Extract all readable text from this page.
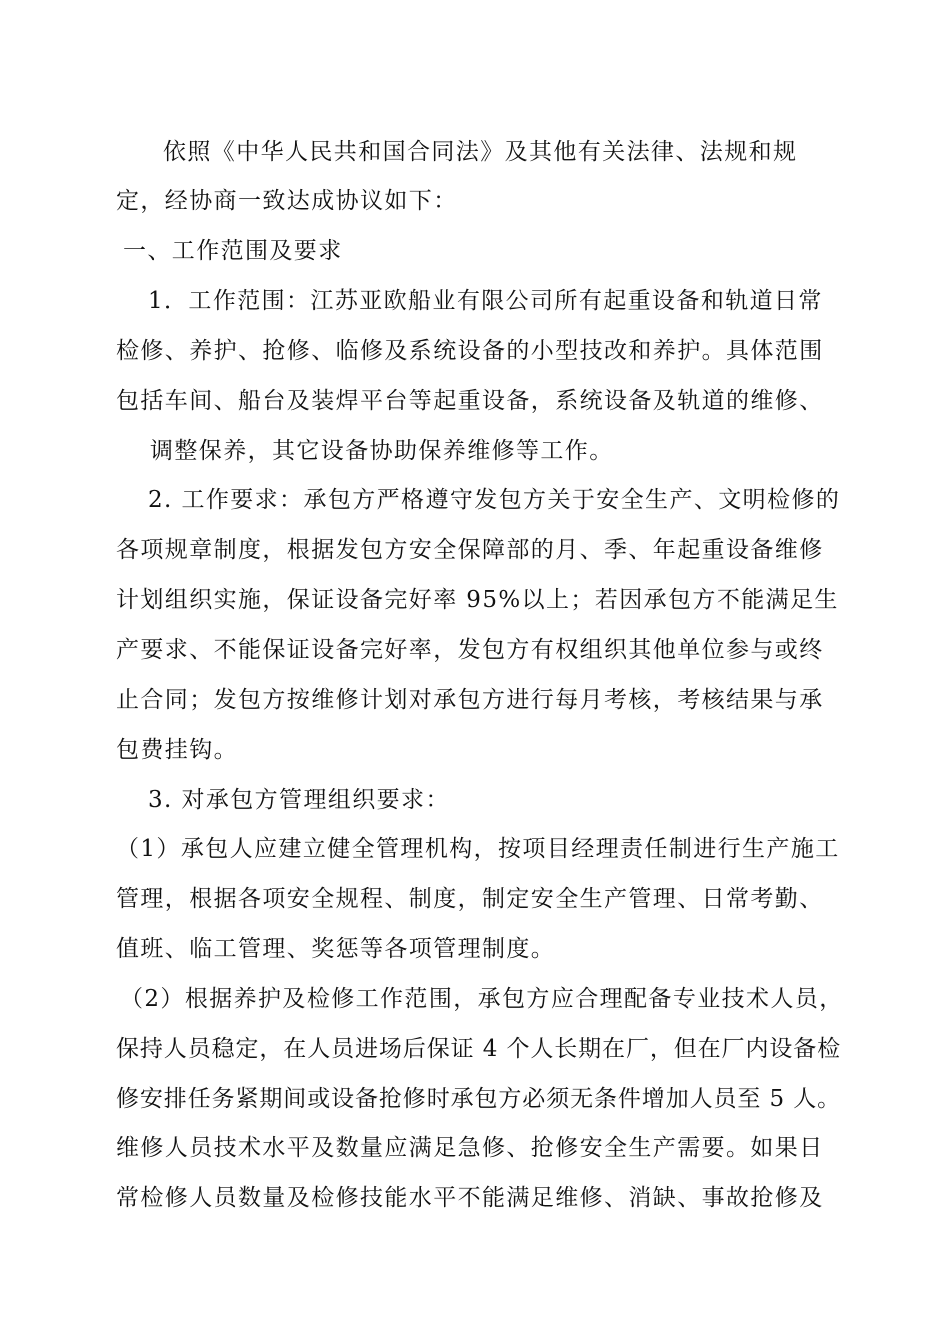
依照《中华人民共和国合同法》及其他有关法律、法规和规
定，经协商一致达成协议如下：
一、工作范围及要求
1．工作范围：江苏亚欧船业有限公司所有起重设备和轨道日常
检修、养护、抢修、临修及系统设备的小型技改和养护。具体范围
包括车间、船台及装焊平台等起重设备，系统设备及轨道的维修、
调整保养，其它设备协助保养维修等工作。
2. 工作要求：承包方严格遵守发包方关于安全生产、文明检修的
各项规章制度，根据发包方安全保障部的月、季、年起重设备维修
计划组织实施，保证设备完好率 95%以上；若因承包方不能满足生
产要求、不能保证设备完好率，发包方有权组织其他单位参与或终
止合同；发包方按维修计划对承包方进行每月考核，考核结果与承
包费挂钩。
3. 对承包方管理组织要求：
（1）承包人应建立健全管理机构，按项目经理责任制进行生产施工
管理，根据各项安全规程、制度，制定安全生产管理、日常考勤、
值班、临工管理、奖惩等各项管理制度。
（2）根据养护及检修工作范围，承包方应合理配备专业技术人员，
保持人员稳定，在人员进场后保证 4 个人长期在厂，但在厂内设备检
修安排任务紧期间或设备抢修时承包方必须无条件增加人员至 5 人。
维修人员技术水平及数量应满足急修、抢修安全生产需要。如果日
常检修人员数量及检修技能水平不能满足维修、消缺、事故抢修及
